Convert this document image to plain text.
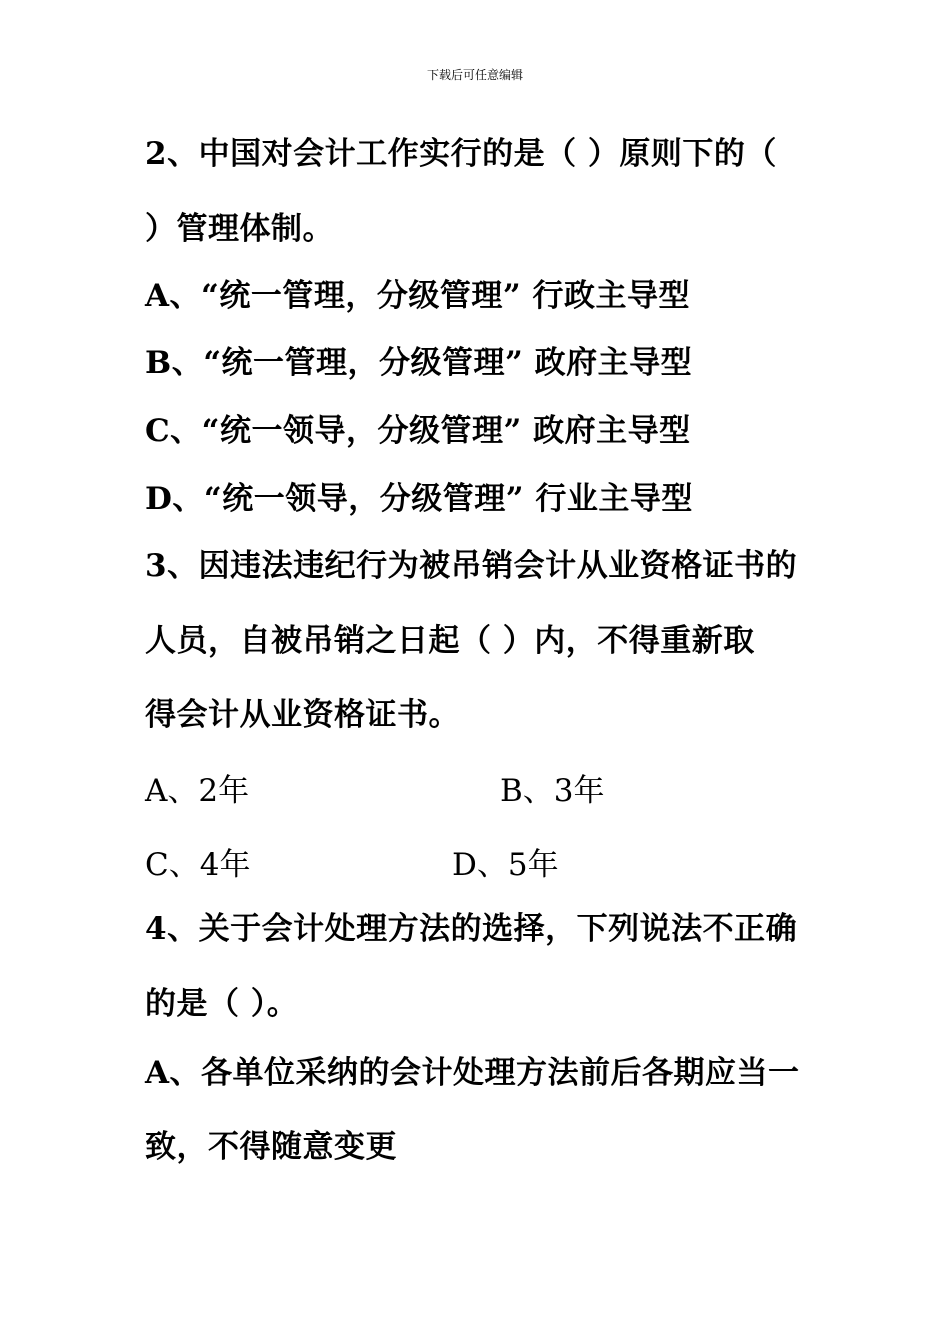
下载后可任意编辑
2、中国对会计工作实行的是（ ）原则下的（
）管理体制。
A、“统一管理，分级管理” 行政主导型
B、“统一管理，分级管理” 政府主导型
C、“统一领导，分级管理” 政府主导型
D、“统一领导，分级管理” 行业主导型
3、因违法违纪行为被吊销会计从业资格证书的
人员，自被吊销之日起（ ）内，不得重新取
得会计从业资格证书。
A、2年	B、3年
C、4年	D、5年
4、关于会计处理方法的选择，下列说法不正确
的是（ ）。
A、各单位采纳的会计处理方法前后各期应当一
致，不得随意变更
